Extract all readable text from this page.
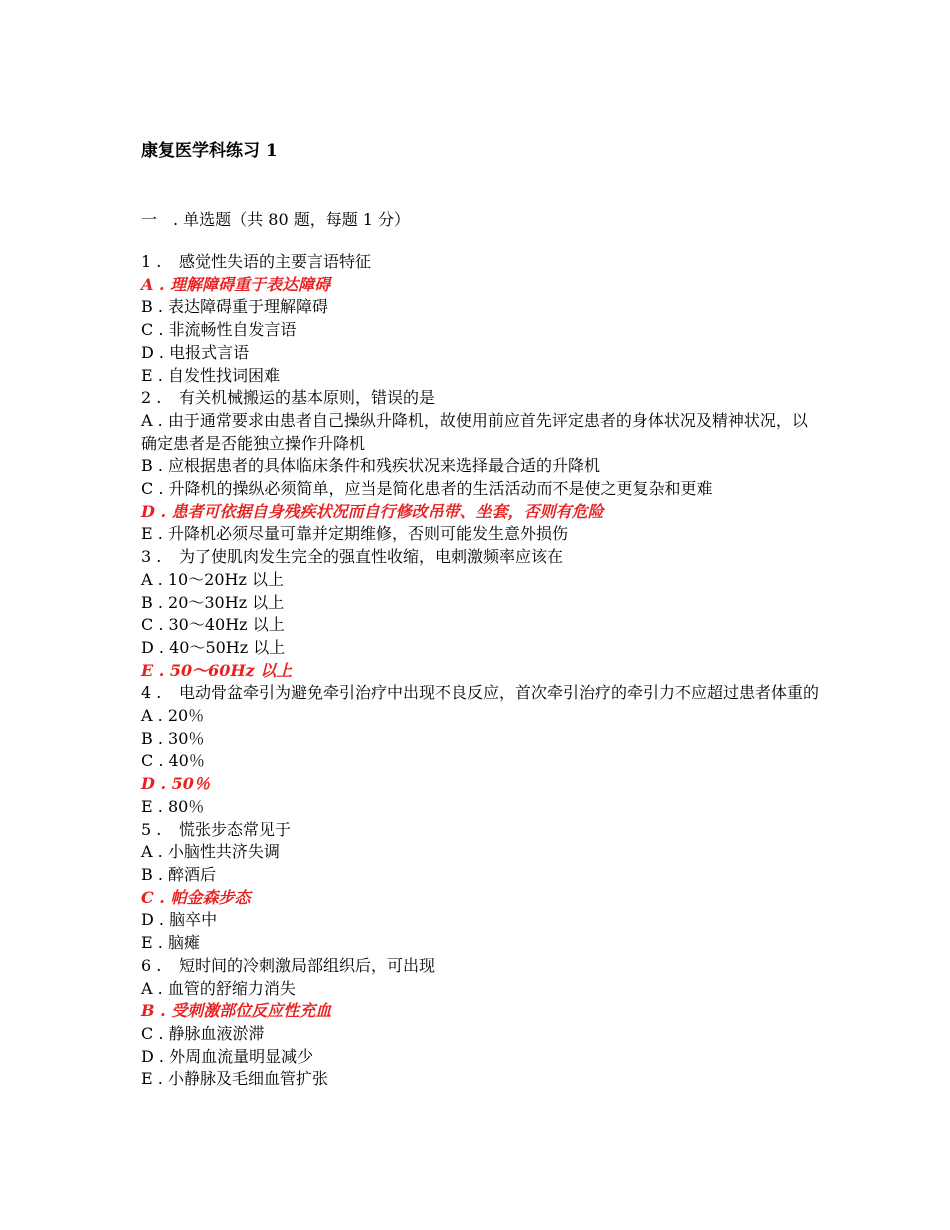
康复医学科练习 1
一　. 单选题（共 80 题，每题 1 分）
1 . 感觉性失语的主要言语特征
A . 理解障碍重于表达障碍
B . 表达障碍重于理解障碍
C . 非流畅性自发言语
D . 电报式言语
E . 自发性找词困难
2 . 有关机械搬运的基本原则，错误的是
A . 由于通常要求由患者自己操纵升降机，故使用前应首先评定患者的身体状况及精神状况，以确定患者是否能独立操作升降机
B . 应根据患者的具体临床条件和残疾状况来选择最合适的升降机
C . 升降机的操纵必须简单，应当是简化患者的生活活动而不是使之更复杂和更难
D . 患者可依据自身残疾状况而自行修改吊带、坐套，否则有危险
E . 升降机必须尽量可靠并定期维修，否则可能发生意外损伤
3 . 为了使肌肉发生完全的强直性收缩，电刺激频率应该在
A . 10～20Hz 以上
B . 20～30Hz 以上
C . 30～40Hz 以上
D . 40～50Hz 以上
E . 50～60Hz 以上
4 . 电动骨盆牵引为避免牵引治疗中出现不良反应，首次牵引治疗的牵引力不应超过患者体重的
A . 20％
B . 30％
C . 40％
D . 50％
E . 80％
5 . 慌张步态常见于
A . 小脑性共济失调
B . 醉酒后
C . 帕金森步态
D . 脑卒中
E . 脑瘫
6 . 短时间的冷刺激局部组织后，可出现
A . 血管的舒缩力消失
B . 受刺激部位反应性充血
C . 静脉血液淤滞
D . 外周血流量明显减少
E . 小静脉及毛细血管扩张
